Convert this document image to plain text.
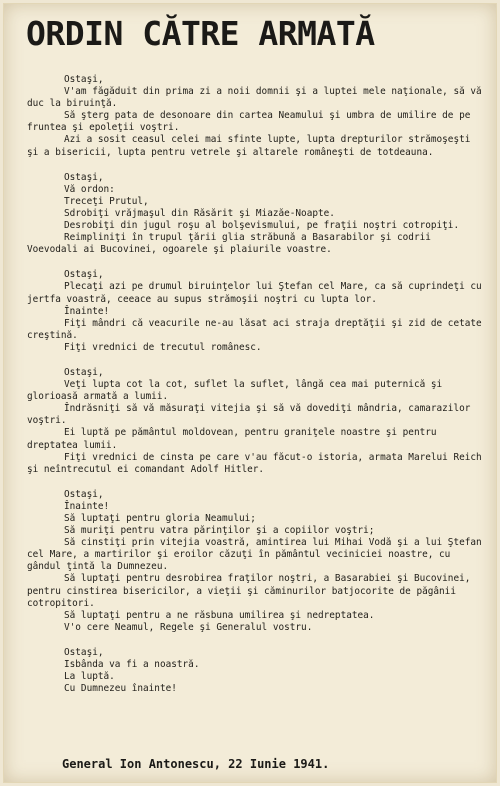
ORDIN CĂTRE ARMATĂ
Ostaşi,
V'am făgăduit din prima zi a noii domnii şi a luptei mele naţionale, să vă duc la biruinţă.
Să şterg pata de desonoare din cartea Neamului şi umbra de umilire de pe fruntea şi epoleţii voştri.
Azi a sosit ceasul celei mai sfinte lupte, lupta drepturilor strămoşeşti şi a bisericii, lupta pentru vetrele şi altarele româneşti de totdeauna.
Ostaşi,
Vă ordon:
Treceţi Prutul,
Sdrobiţi vrăjmaşul din Răsărit şi Miazăe-Noapte.
Desrobiţi din jugul roşu al bolşevismului, pe fraţii noştri cotropiţi.
Reimpliniţi în trupul ţării glia străbună a Basarabilor şi codrii Voevodali ai Bucovinei, ogoarele şi plaiurile voastre.
Ostaşi,
Plecaţi azi pe drumul biruinţelor lui Ştefan cel Mare, ca să cuprindeţi cu jertfa voastră, ceeace au supus strămoşii noştri cu lupta lor.
Înainte!
Fiţi mândri că veacurile ne-au lăsat aci straja dreptăţii şi zid de cetate creştină.
Fiţi vrednici de trecutul românesc.
Ostaşi,
Veţi lupta cot la cot, suflet la suflet, lângă cea mai puternică şi glorioasă armată a lumii.
Îndrăsniţi să vă măsuraţi vitejia şi să vă dovediţi mândria, camarazilor voştri.
Ei luptă pe pământul moldovean, pentru graniţele noastre şi pentru dreptatea lumii.
Fiţi vrednici de cinsta pe care v'au făcut-o istoria, armata Marelui Reich şi neîntrecutul ei comandant Adolf Hitler.
Ostaşi,
Înainte!
Să luptaţi pentru gloria Neamului;
Să muriţi pentru vatra părinţilor şi a copiilor voştri;
Să cinstiţi prin vitejia voastră, amintirea lui Mihai Vodă şi a lui Ştefan cel Mare, a martirilor şi eroilor căzuţi în pământul veciniciei noastre, cu gândul ţintă la Dumnezeu.
Să luptaţi pentru desrobirea fraţilor noştri, a Basarabiei şi Bucovinei, pentru cinstirea bisericilor, a vieţii şi căminurilor batjocorite de păgânii cotropitori.
Să luptaţi pentru a ne răsbuna umilirea şi nedreptatea.
V'o cere Neamul, Regele şi Generalul vostru.
Ostaşi,
Isbânda va fi a noastră.
La luptă.
Cu Dumnezeu înainte!
General Ion Antonescu, 22 Iunie 1941.
